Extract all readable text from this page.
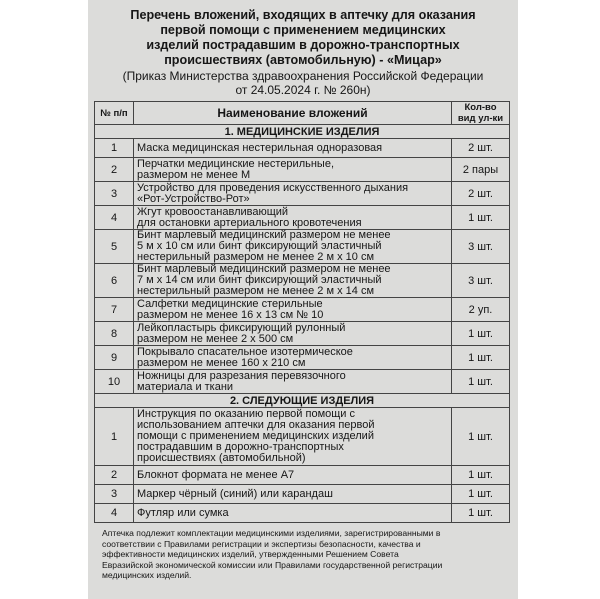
Перечень вложений, входящих в аптечку для оказания
первой помощи с применением медицинских
изделий пострадавшим в дорожно-транспортных
происшествиях (автомобильную) - «Мицар»
(Приказ Министерства здравоохранения Российской Федерации
от 24.05.2024 г. № 260н)
№ п/п	Наименование вложений	Кол-во
вид ул-ки

1. МЕДИЦИНСКИЕ ИЗДЕЛИЯ		
1	Маска медицинская нестерильная одноразовая	2 шт.
2	Перчатки медицинские нестерильные,
размером не менее М	2 пары
3	Устройство для проведения искусственного дыхания
«Рот-Устройство-Рот»	2 шт.
4	Жгут кровоостанавливающий
для остановки артериального кровотечения	1 шт.
5	Бинт марлевый медицинский размером не менее
5 м х 10 см или бинт фиксирующий эластичный
нестерильный размером не менее 2 м х 10 см	3 шт.
6	Бинт марлевый медицинский размером не менее
7 м х 14 см или бинт фиксирующий эластичный
нестерильный размером не менее 2 м х 14 см	3 шт.
7	Салфетки медицинские стерильные
размером не менее 16 х 13 см № 10	2 уп.
8	Лейкопластырь фиксирующий рулонный
размером не менее 2 х 500 см	1 шт.
9	Покрывало спасательное изотермическое
размером не менее 160 х 210 см	1 шт.
10	Ножницы для разрезания перевязочного
материала и ткани	1 шт.
2. СЛЕДУЮЩИЕ ИЗДЕЛИЯ		
1	Инструкция по оказанию первой помощи с
использованием аптечки для оказания первой
помощи с применением медицинских изделий
пострадавшим в дорожно-транспортных
происшествиях (автомобильной)	1 шт.
2	Блокнот формата не менее А7	1 шт.
3	Маркер чёрный (синий) или карандаш	1 шт.
4	Футляр или сумка	1 шт.
Аптечка подлежит комплектации медицинскими изделиями, зарегистрированными в
соответствии с Правилами регистрации и экспертизы безопасности, качества и
эффективности медицинских изделий, утвержденными Решением Совета
Евразийской экономической комиссии или Правилами государственной регистрации
медицинских изделий.
